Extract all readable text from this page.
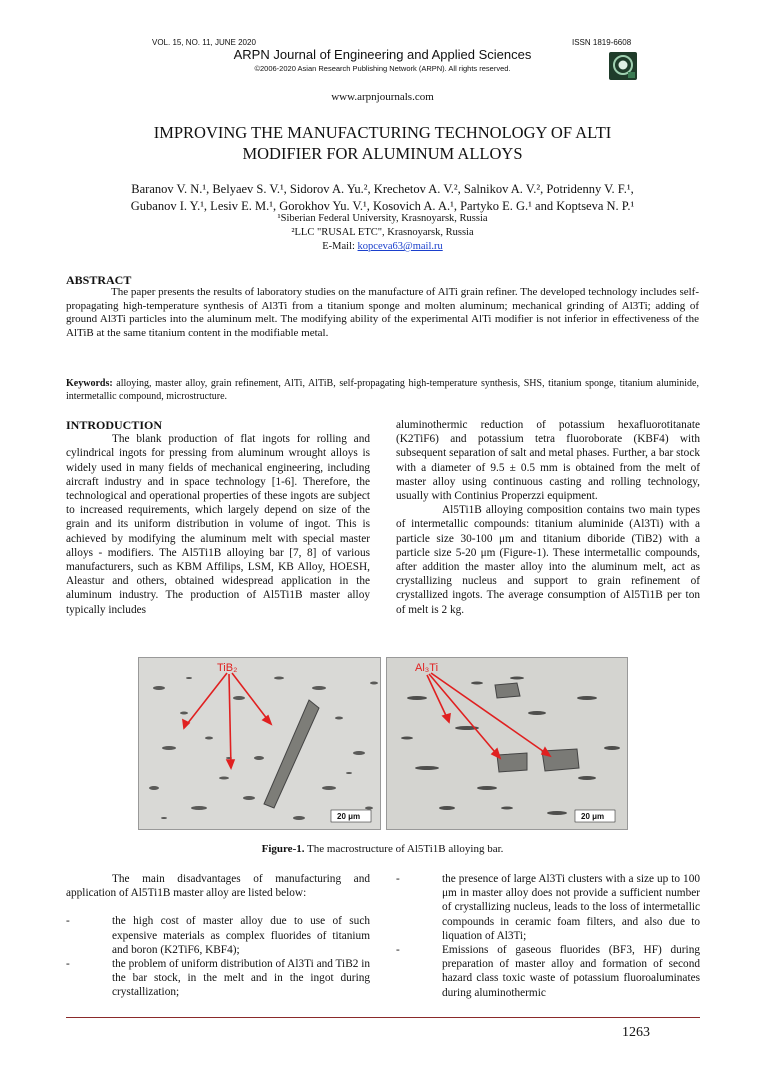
VOL. 15, NO. 11, JUNE 2020	ISSN 1819-6608
ARPN Journal of Engineering and Applied Sciences
©2006-2020 Asian Research Publishing Network (ARPN). All rights reserved.
www.arpnjournals.com
IMPROVING THE MANUFACTURING TECHNOLOGY OF ALTI
MODIFIER FOR ALUMINUM ALLOYS
Baranov V. N.¹, Belyaev S. V.¹, Sidorov A. Yu.², Krechetov A. V.², Salnikov A. V.², Potridenny V. F.¹,
Gubanov I. Y.¹, Lesiv E. M.¹, Gorokhov Yu. V.¹, Kosovich A. A.¹, Partyko E. G.¹ and Koptseva N. P.¹
¹Siberian Federal University, Krasnoyarsk, Russia
²LLC "RUSAL ETC", Krasnoyarsk, Russia
E-Mail: kopceva63@mail.ru
ABSTRACT
The paper presents the results of laboratory studies on the manufacture of AlTi grain refiner. The developed technology includes self-propagating high-temperature synthesis of Al3Ti from a titanium sponge and molten aluminum; mechanical grinding of Al3Ti; adding of ground Al3Ti particles into the aluminum melt. The modifying ability of the experimental AlTi modifier is not inferior in effectiveness of the AlTiB at the same titanium content in the modifiable metal.
Keywords: alloying, master alloy, grain refinement, AlTi, AlTiB, self-propagating high-temperature synthesis, SHS, titanium sponge, titanium aluminide, intermetallic compound, microstructure.

INTRODUCTION

The blank production of flat ingots for rolling and cylindrical ingots for pressing from aluminum wrought alloys is widely used in many fields of mechanical engineering, including aircraft industry and in space technology [1-6]. Therefore, the technological and operational properties of these ingots are subject to increased requirements, which largely depend on size of the grain and its uniform distribution in volume of ingot. This is achieved by modifying the aluminum melt with special master alloys - modifiers. The Al5Ti1B alloying bar [7, 8] of various manufacturers, such as KBM Affilips, LSM, KB Alloy, HOESH, Aleastur and others, obtained widespread application in the aluminum industry. The production of Al5Ti1B master alloy typically includes

aluminothermic reduction of potassium hexafluorotitanate (K2TiF6) and potassium tetra fluoroborate (KBF4) with subsequent separation of salt and metal phases. Further, a bar stock with a diameter of 9.5 ± 0.5 mm is obtained from the melt of master alloy using continuous casting and rolling technology, usually with Continius Properzzi equipment.

Al5Ti1B alloying composition contains two main types of intermetallic compounds: titanium aluminide (Al3Ti) with a particle size 30-100 μm and titanium diboride (TiB2) with a particle size 5-20 μm (Figure-1). These intermetallic compounds, after addition the master alloy into the aluminum melt, act as crystallizing nucleus and support to grain refinement of crystallized ingots. The average consumption of Al5Ti1B per ton of melt is 2 kg.

TiB₂
20 μm
Al₃Ti
20 μm
Figure-1. The macrostructure of Al5Ti1B alloying bar.
The main disadvantages of manufacturing and application of Al5Ti1B master alloy are listed below:
-	the high cost of master alloy due to use of such expensive materials as complex fluorides of titanium and boron (K2TiF6, KBF4);
-	the problem of uniform distribution of Al3Ti and TiB2 in the bar stock, in the melt and in the ingot during crystallization;
-	the presence of large Al3Ti clusters with a size up to 100 μm in master alloy does not provide a sufficient number of crystallizing nucleus, leads to the loss of intermetallic compounds in ceramic foam filters, and also due to liquation of Al3Ti;
-	Emissions of gaseous fluorides (BF3, HF) during preparation of master alloy and formation of second hazard class toxic waste of potassium fluoroaluminates during aluminothermic
1263
